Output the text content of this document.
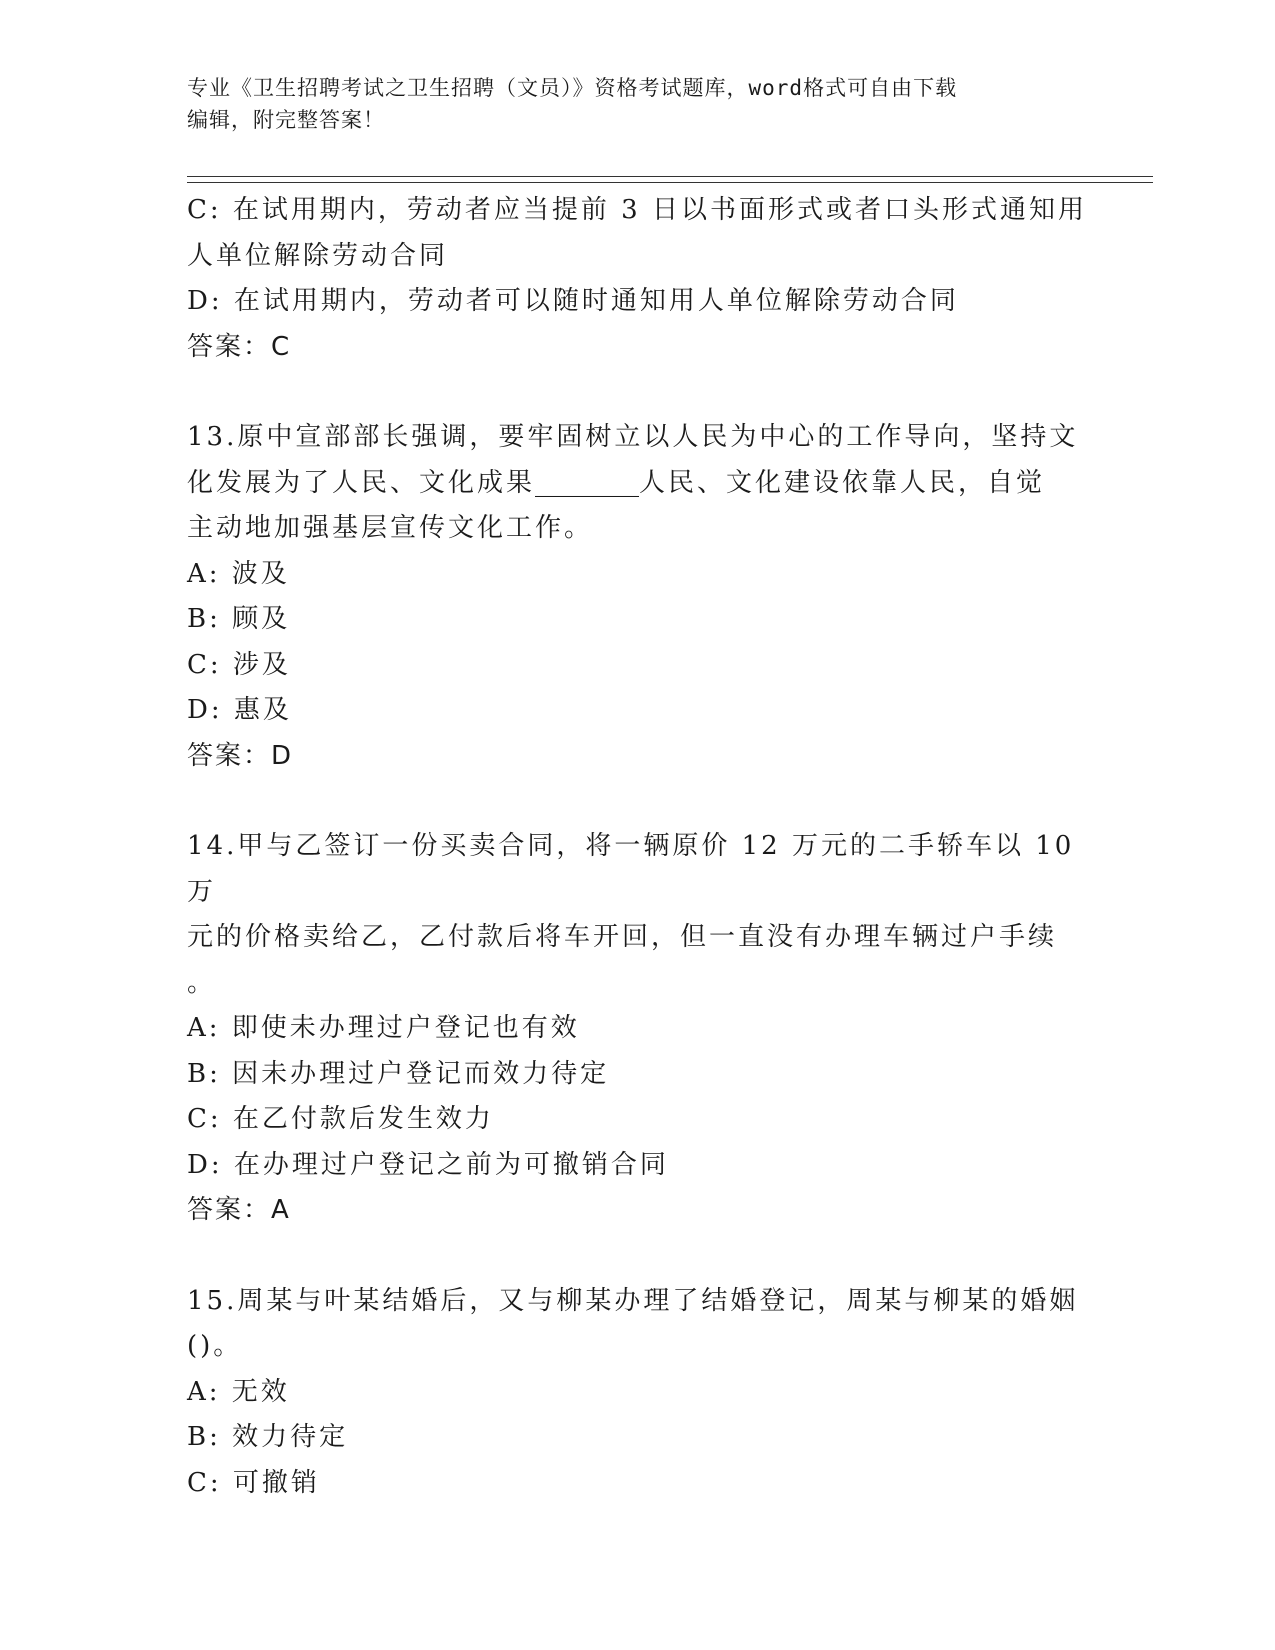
专业《卫生招聘考试之卫生招聘（文员）》资格考试题库，word格式可自由下载
编辑，附完整答案！
C: 在试用期内，劳动者应当提前 3 日以书面形式或者口头形式通知用
人单位解除劳动合同
D: 在试用期内，劳动者可以随时通知用人单位解除劳动合同
答案：C
13.原中宣部部长强调，要牢固树立以人民为中心的工作导向，坚持文
化发展为了人民、文化成果________人民、文化建设依靠人民，自觉
主动地加强基层宣传文化工作。
A: 波及
B: 顾及
C: 涉及
D: 惠及
答案：D
14.甲与乙签订一份买卖合同，将一辆原价 12 万元的二手轿车以 10 万
元的价格卖给乙，乙付款后将车开回，但一直没有办理车辆过户手续
。
A: 即使未办理过户登记也有效
B: 因未办理过户登记而效力待定
C: 在乙付款后发生效力
D: 在办理过户登记之前为可撤销合同
答案：A
15.周某与叶某结婚后，又与柳某办理了结婚登记，周某与柳某的婚姻
()。
A: 无效
B: 效力待定
C: 可撤销
